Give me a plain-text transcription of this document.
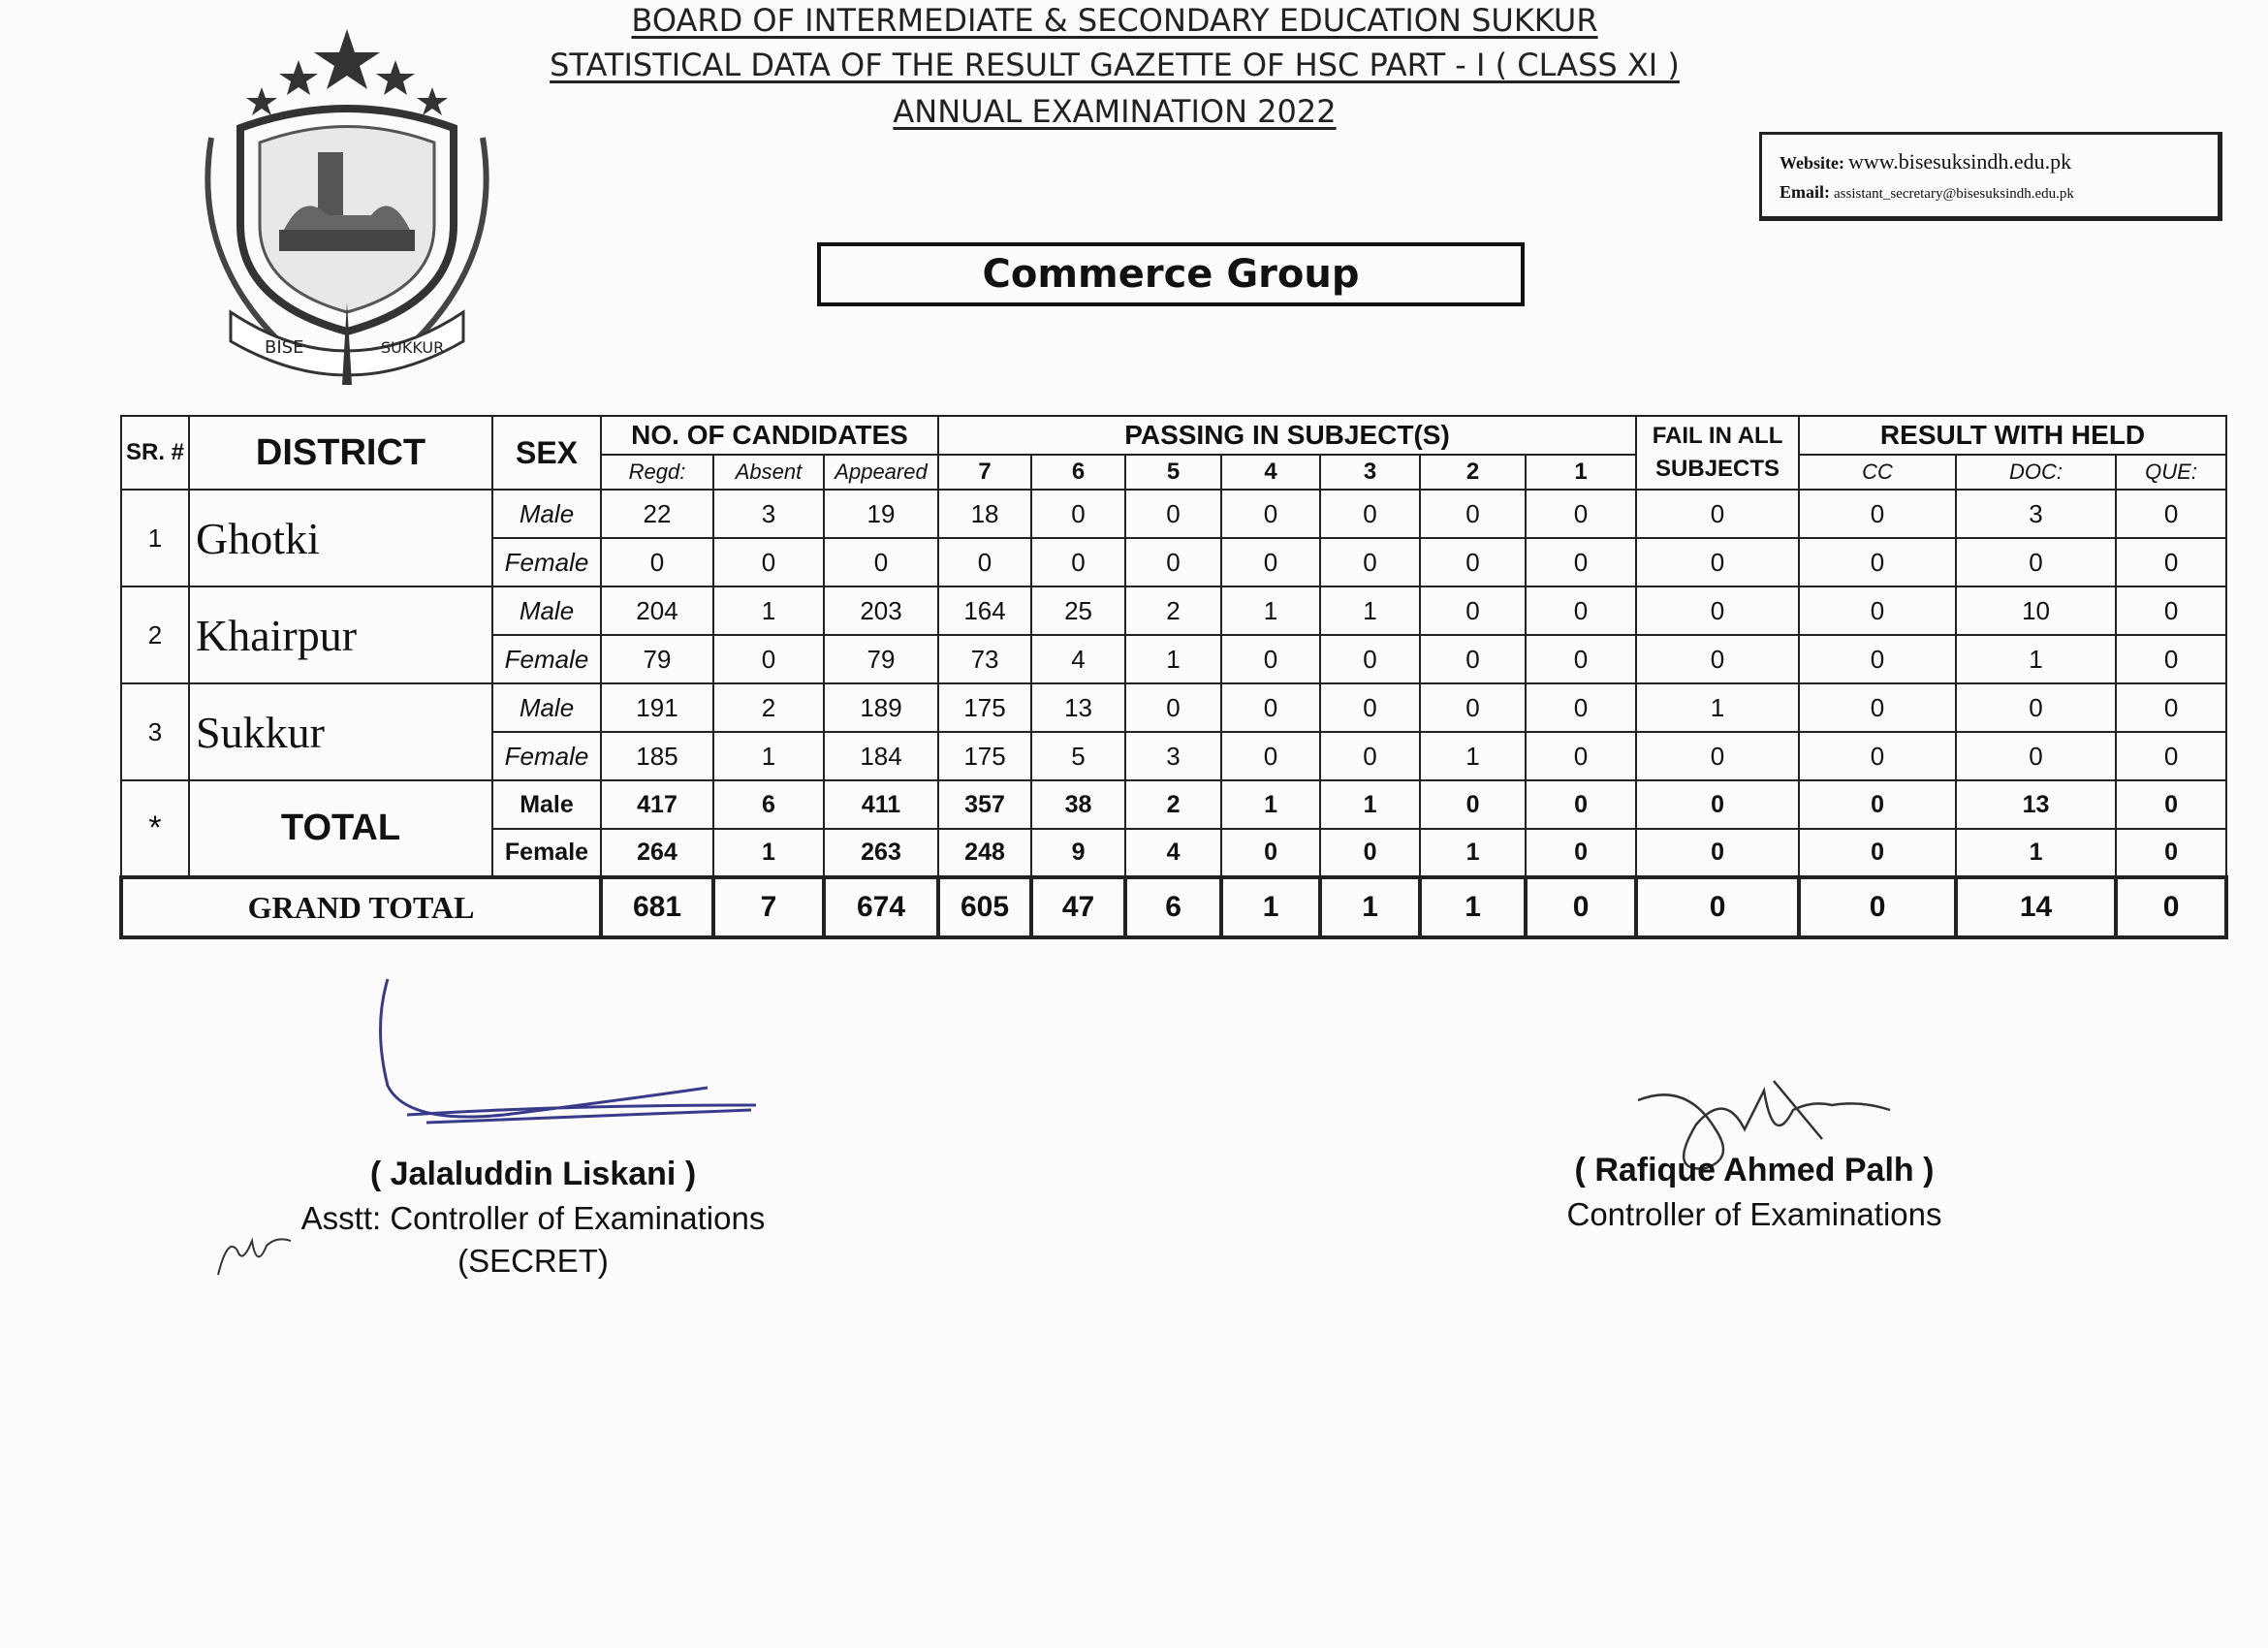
BOARD OF INTERMEDIATE & SECONDARY EDUCATION SUKKUR
STATISTICAL DATA OF THE RESULT GAZETTE OF HSC PART - I ( CLASS XI )
ANNUAL EXAMINATION 2022
BISE	SUKKUR
Website: www.bisesuksindh.edu.pk
Email: assistant_secretary@bisesuksindh.edu.pk
Commerce Group
SR. #	DISTRICT	SEX	NO. OF CANDIDATES			PASSING IN SUBJECT(S)							FAIL IN ALL SUBJECTS	RESULT WITH HELD		
			Regd:	Absent	Appeared	7	6	5	4	3	2	1		CC	DOC:	QUE:
1	Ghotki	Male	22	3	19	18	0	0	0	0	0	0	0	0	3	0
		Female	0	0	0	0	0	0	0	0	0	0	0	0	0	0
2	Khairpur	Male	204	1	203	164	25	2	1	1	0	0	0	0	10	0
		Female	79	0	79	73	4	1	0	0	0	0	0	0	1	0
3	Sukkur	Male	191	2	189	175	13	0	0	0	0	0	1	0	0	0
		Female	185	1	184	175	5	3	0	0	1	0	0	0	0	0
*	TOTAL	Male	417	6	411	357	38	2	1	1	0	0	0	0	13	0
		Female	264	1	263	248	9	4	0	0	1	0	0	0	1	0
GRAND TOTAL			681	7	674	605	47	6	1	1	1	0	0	0	14	0
( Jalaluddin Liskani )
Asstt: Controller of Examinations
(SECRET)
( Rafique Ahmed Palh )
Controller of Examinations
